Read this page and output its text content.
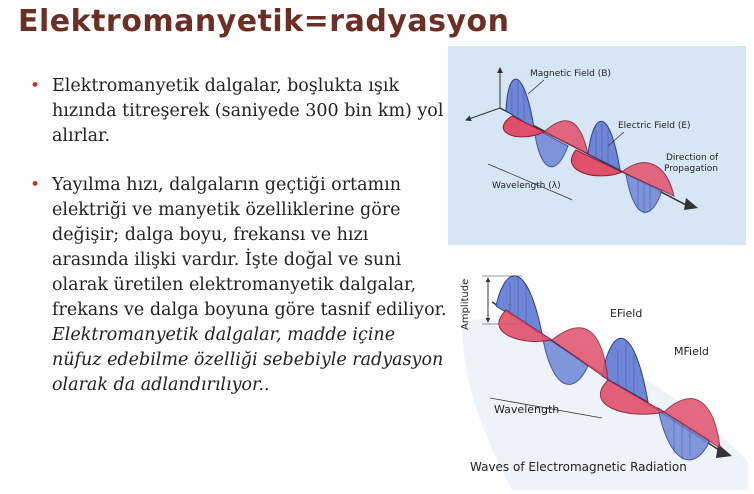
Elektromanyetik=radyasyon
• Elektromanyetik dalgalar, boşlukta ışık hızında titreşerek (saniyede 300 bin km) yol alırlar.
• Yayılma hızı, dalgaların geçtiği ortamın elektriği ve manyetik özelliklerine göre değişir; dalga boyu, frekansı ve hızı arasında ilişki vardır. İşte doğal ve suni olarak üretilen elektromanyetik dalgalar, frekans ve dalga boyuna göre tasnif ediliyor. Elektromanyetik dalgalar, madde içine nüfuz edebilme özelliği sebebiyle radyasyon olarak da adlandırılıyor..
Magnetic Field (B)
Electric Field (E)
Direction of
Propagation
Wavelength (λ)
Amplitude	EField
MField
Wavelength
Waves of Electromagnetic Radiation
